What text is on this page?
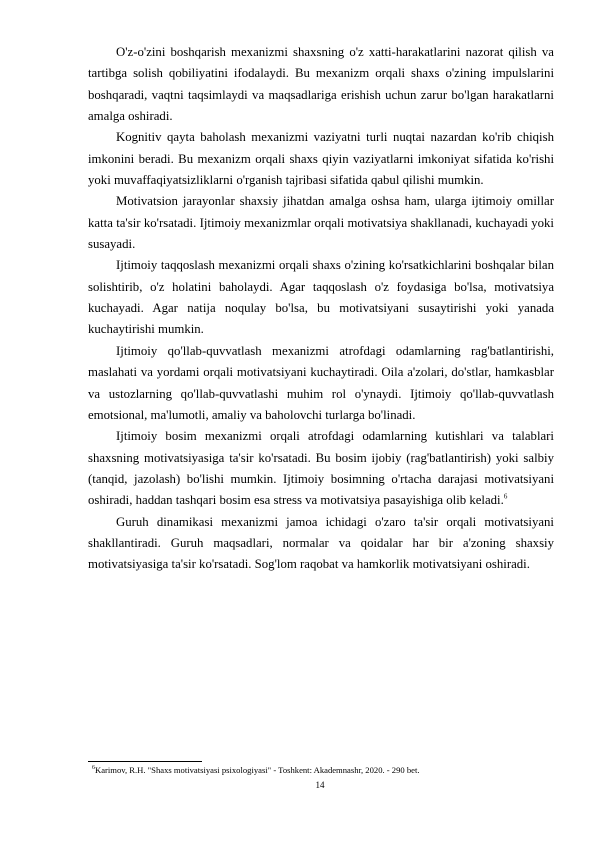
O'z-o'zini boshqarish mexanizmi shaxsning o'z xatti-harakatlarini nazorat qilish va tartibga solish qobiliyatini ifodalaydi. Bu mexanizm orqali shaxs o'zining impulslarini boshqaradi, vaqtni taqsimlaydi va maqsadlariga erishish uchun zarur bo'lgan harakatlarni amalga oshiradi.

Kognitiv qayta baholash mexanizmi vaziyatni turli nuqtai nazardan ko'rib chiqish imkonini beradi. Bu mexanizm orqali shaxs qiyin vaziyatlarni imkoniyat sifatida ko'rishi yoki muvaffaqiyatsizliklarni o'rganish tajribasi sifatida qabul qilishi mumkin.

Motivatsion jarayonlar shaxsiy jihatdan amalga oshsa ham, ularga ijtimoiy omillar katta ta'sir ko'rsatadi. Ijtimoiy mexanizmlar orqali motivatsiya shakllanadi, kuchayadi yoki susayadi.

Ijtimoiy taqqoslash mexanizmi orqali shaxs o'zining ko'rsatkichlarini boshqalar bilan solishtirib, o'z holatini baholaydi. Agar taqqoslash o'z foydasiga bo'lsa, motivatsiya kuchayadi. Agar natija noqulay bo'lsa, bu motivatsiyani susaytirishi yoki yanada kuchaytirishi mumkin.

Ijtimoiy qo'llab-quvvatlash mexanizmi atrofdagi odamlarning rag'batlantirishi, maslahati va yordami orqali motivatsiyani kuchaytiradi. Oila a'zolari, do'stlar, hamkasblar va ustozlarning qo'llab-quvvatlashi muhim rol o'ynaydi. Ijtimoiy qo'llab-quvvatlash emotsional, ma'lumotli, amaliy va baholovchi turlarga bo'linadi.

Ijtimoiy bosim mexanizmi orqali atrofdagi odamlarning kutishlari va talablari shaxsning motivatsiyasiga ta'sir ko'rsatadi. Bu bosim ijobiy (rag'batlantirish) yoki salbiy (tanqid, jazolash) bo'lishi mumkin. Ijtimoiy bosimning o'rtacha darajasi motivatsiyani oshiradi, haddan tashqari bosim esa stress va motivatsiya pasayishiga olib keladi.$^6$

Guruh dinamikasi mexanizmi jamoa ichidagi o'zaro ta'sir orqali motivatsiyani shakllantiradi. Guruh maqsadlari, normalar va qoidalar har bir a'zoning shaxsiy motivatsiyasiga ta'sir ko'rsatadi. Sog'lom raqobat va hamkorlik motivatsiyani oshiradi.

$^6$Karimov, R.H. "Shaxs motivatsiyasi psixologiyasi" - Toshkent: Akademnashr, 2020. - 290 bet.
14
